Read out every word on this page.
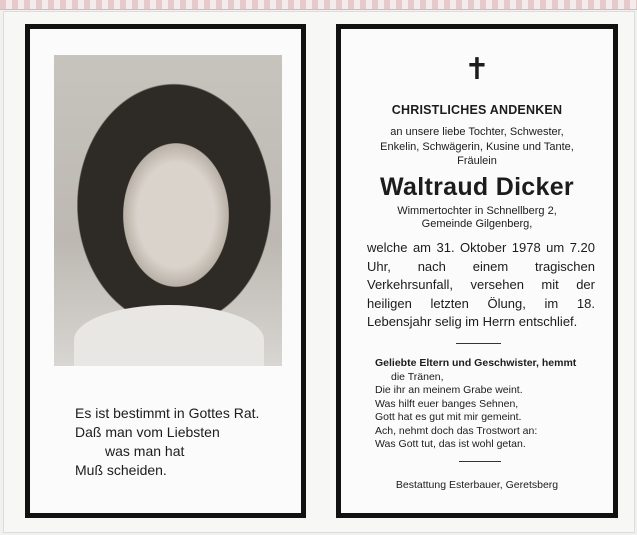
Es ist bestimmt in Gottes Rat.
Daß man vom Liebsten
was man hat
Muß scheiden.
✝
CHRISTLICHES ANDENKEN
an unsere liebe Tochter, Schwester,
Enkelin, Schwägerin, Kusine und Tante,
Fräulein
Waltraud Dicker
Wimmertochter in Schnellberg 2,
Gemeinde Gilgenberg,
welche am 31. Oktober 1978 um 7.20 Uhr, nach einem tragischen Verkehrsunfall, versehen mit der heiligen letzten Ölung, im 18. Lebensjahr selig im Herrn entschlief.
Geliebte Eltern und Geschwister, hemmt
die Tränen,
Die ihr an meinem Grabe weint.
Was hilft euer banges Sehnen,
Gott hat es gut mit mir gemeint.
Ach, nehmt doch das Trostwort an:
Was Gott tut, das ist wohl getan.
Bestattung Esterbauer, Geretsberg
